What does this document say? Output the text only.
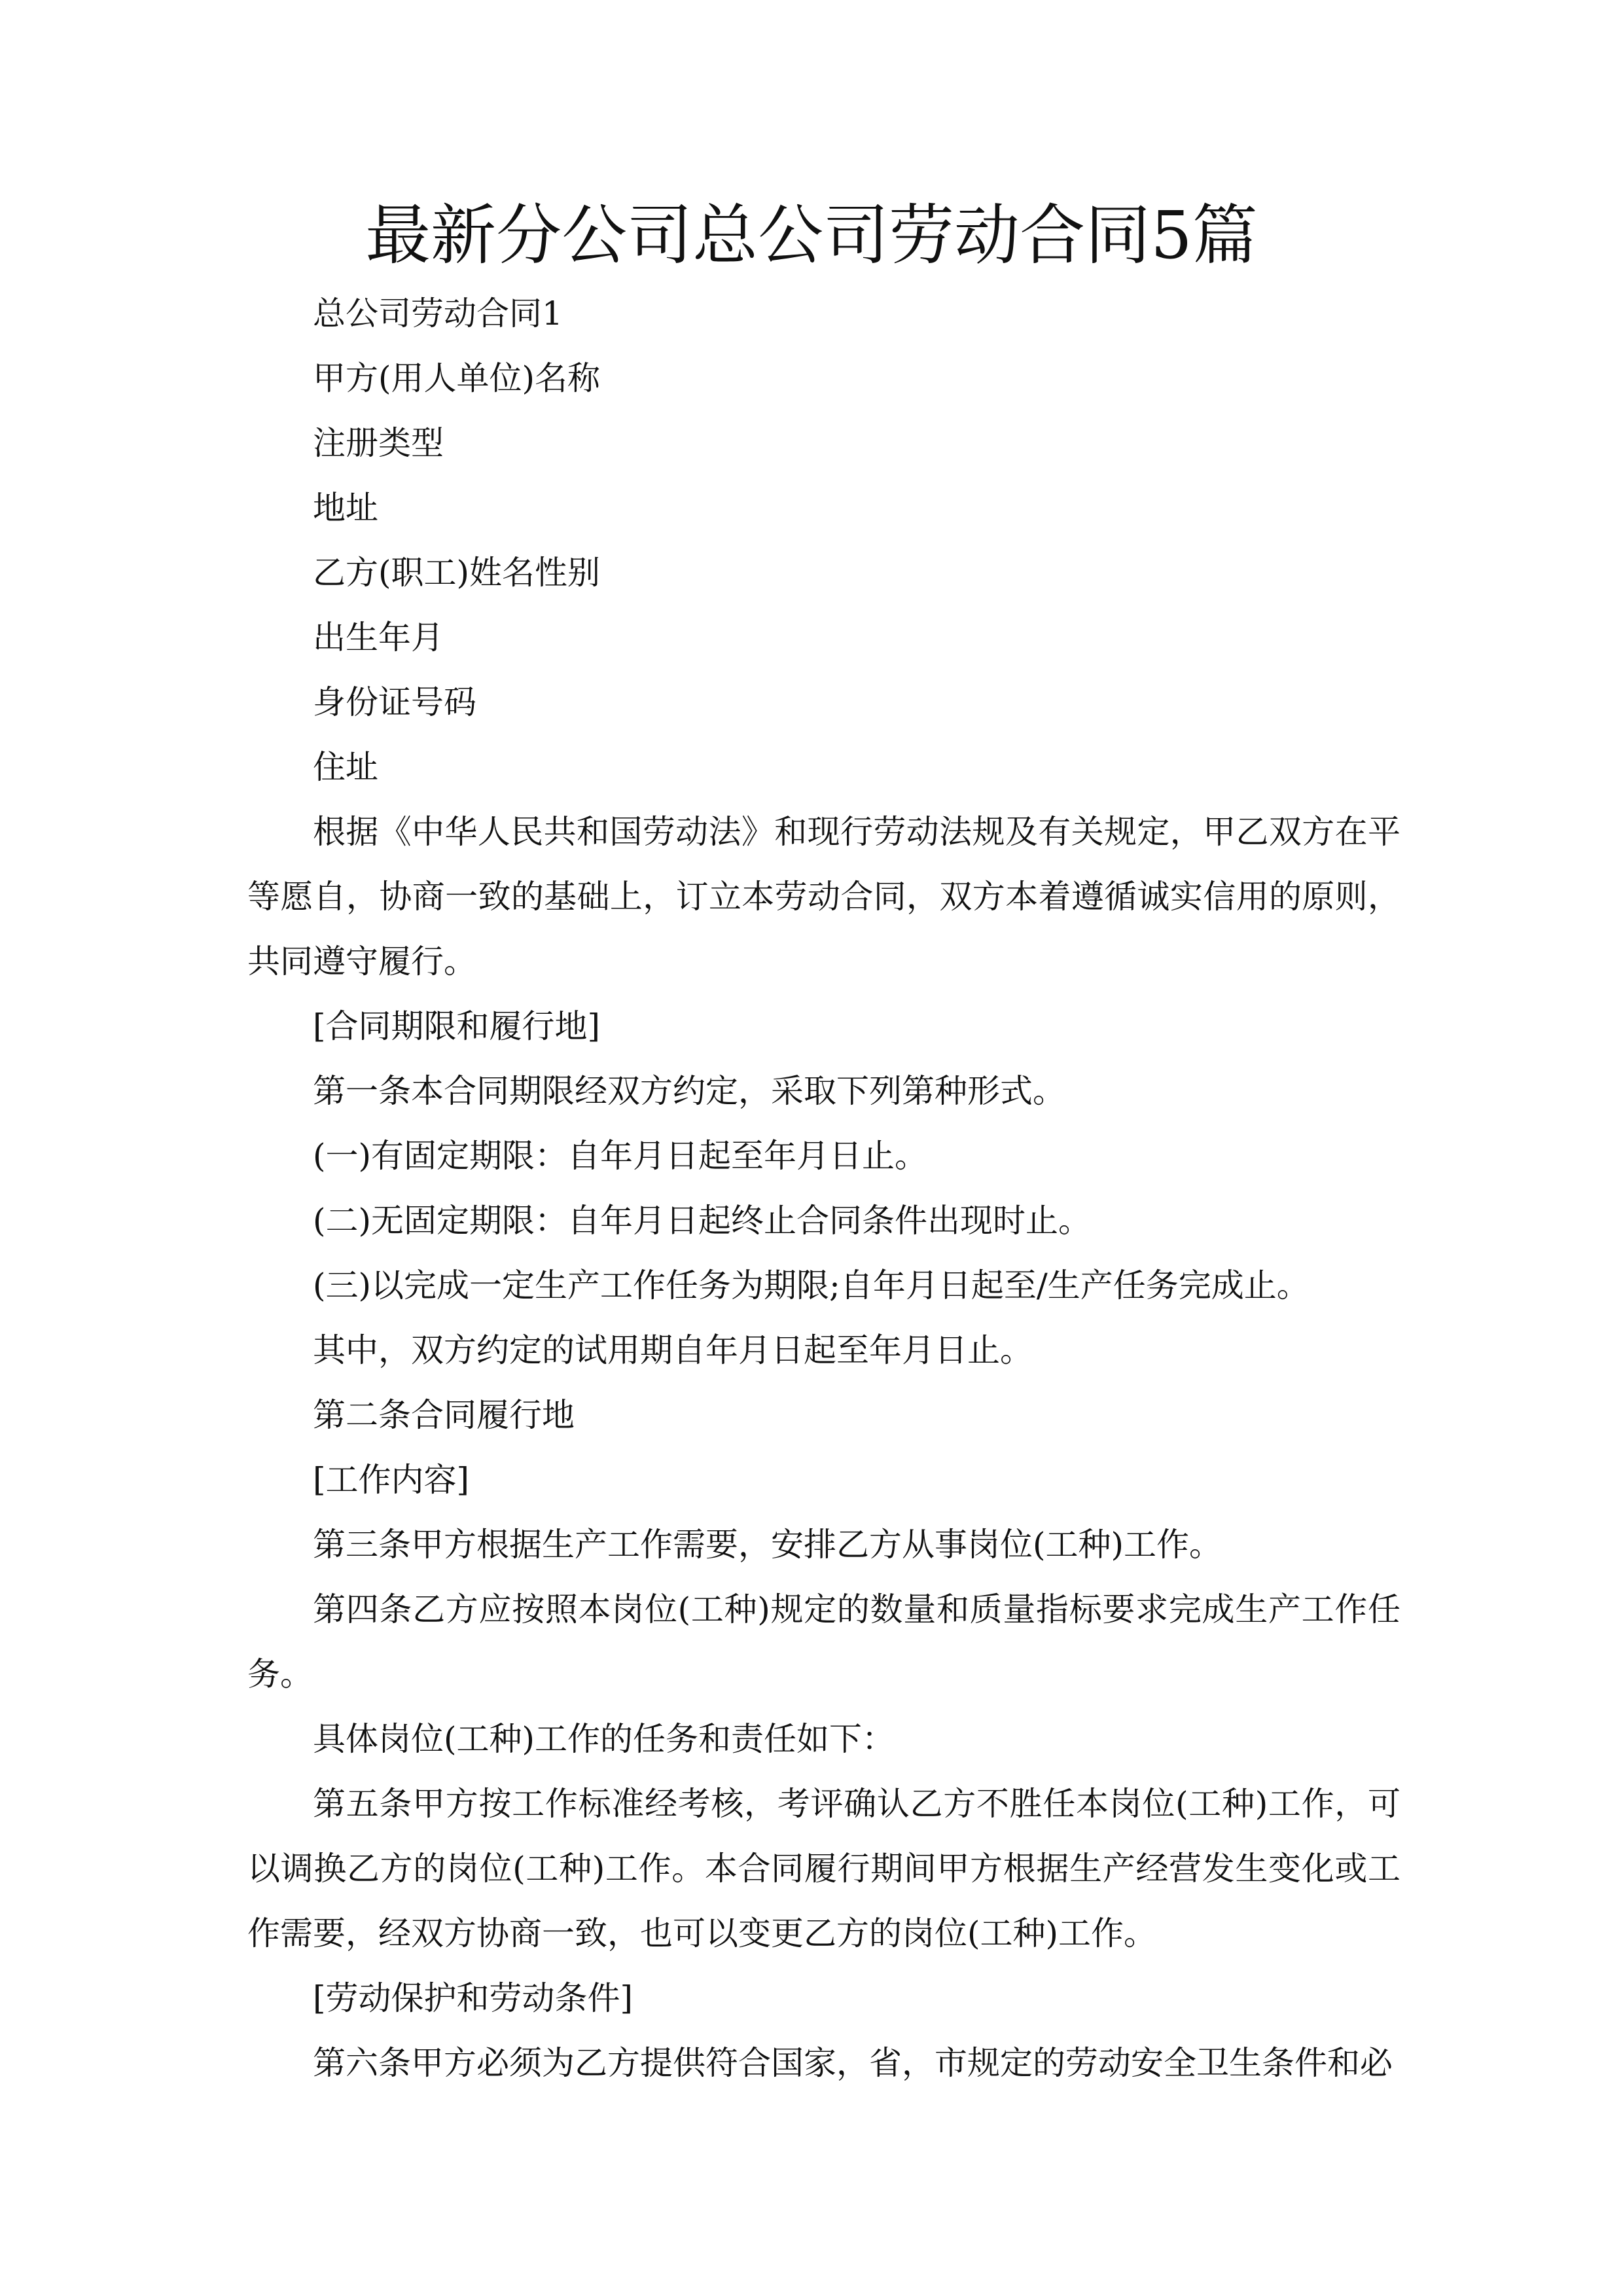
最新分公司总公司劳动合同5篇

总公司劳动合同1

甲方(用人单位)名称

注册类型

地址

乙方(职工)姓名性别

出生年月

身份证号码

住址

根据《中华人民共和国劳动法》和现行劳动法规及有关规定，甲乙双方在平等愿自，协商一致的基础上，订立本劳动合同，双方本着遵循诚实信用的原则，共同遵守履行。

[合同期限和履行地]

第一条本合同期限经双方约定，采取下列第种形式。

(一)有固定期限：自年月日起至年月日止。

(二)无固定期限：自年月日起终止合同条件出现时止。

(三)以完成一定生产工作任务为期限;自年月日起至/生产任务完成止。

其中，双方约定的试用期自年月日起至年月日止。

第二条合同履行地

[工作内容]

第三条甲方根据生产工作需要，安排乙方从事岗位(工种)工作。

第四条乙方应按照本岗位(工种)规定的数量和质量指标要求完成生产工作任务。

具体岗位(工种)工作的任务和责任如下：

第五条甲方按工作标准经考核，考评确认乙方不胜任本岗位(工种)工作，可以调换乙方的岗位(工种)工作。本合同履行期间甲方根据生产经营发生变化或工作需要，经双方协商一致，也可以变更乙方的岗位(工种)工作。

[劳动保护和劳动条件]

第六条甲方必须为乙方提供符合国家，省，市规定的劳动安全卫生条件和必
